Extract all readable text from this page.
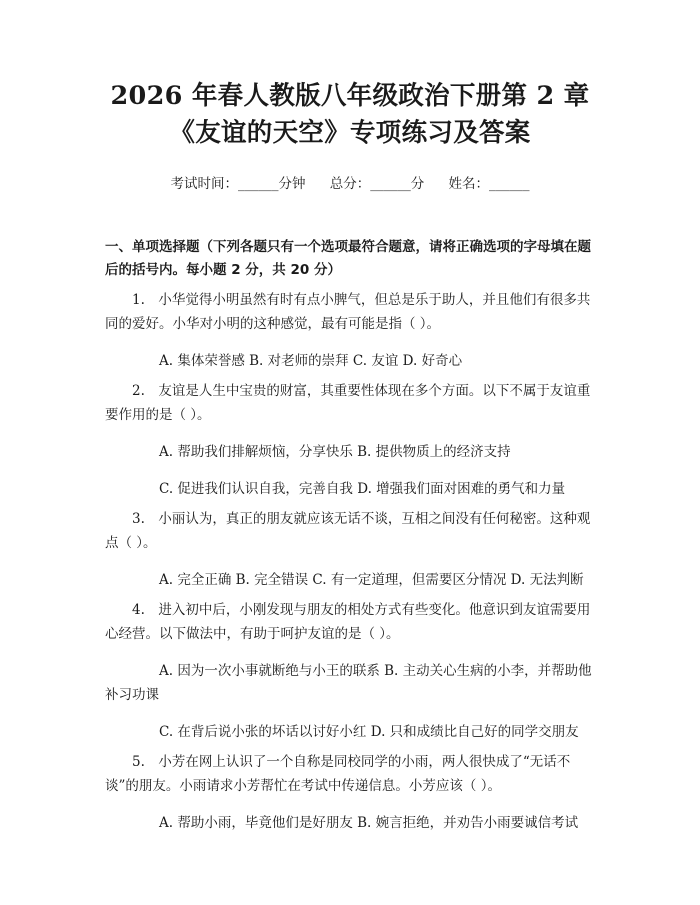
2026 年春人教版八年级政治下册第 2 章《友谊的天空》专项练习及答案
考试时间：______分钟 总分：______分 姓名：______
一、单项选择题（下列各题只有一个选项最符合题意，请将正确选项的字母填在题后的括号内。每小题 2 分，共 20 分）
1.　小华觉得小明虽然有时有点小脾气，但总是乐于助人，并且他们有很多共同的爱好。小华对小明的这种感觉，最有可能是指（ ）。
A. 集体荣誉感 B. 对老师的崇拜 C. 友谊 D. 好奇心
2.　友谊是人生中宝贵的财富，其重要性体现在多个方面。以下不属于友谊重要作用的是（ ）。
A. 帮助我们排解烦恼，分享快乐 B. 提供物质上的经济支持
C. 促进我们认识自我，完善自我 D. 增强我们面对困难的勇气和力量
3.　小丽认为，真正的朋友就应该无话不谈，互相之间没有任何秘密。这种观点（ ）。
A. 完全正确 B. 完全错误 C. 有一定道理，但需要区分情况 D. 无法判断
4.　进入初中后，小刚发现与朋友的相处方式有些变化。他意识到友谊需要用心经营。以下做法中，有助于呵护友谊的是（ ）。
A. 因为一次小事就断绝与小王的联系 B. 主动关心生病的小李，并帮助他补习功课
C. 在背后说小张的坏话以讨好小红 D. 只和成绩比自己好的同学交朋友
5.　小芳在网上认识了一个自称是同校同学的小雨，两人很快成了“无话不谈”的朋友。小雨请求小芳帮忙在考试中传递信息。小芳应该（ ）。
A. 帮助小雨，毕竟他们是好朋友 B. 婉言拒绝，并劝告小雨要诚信考试
